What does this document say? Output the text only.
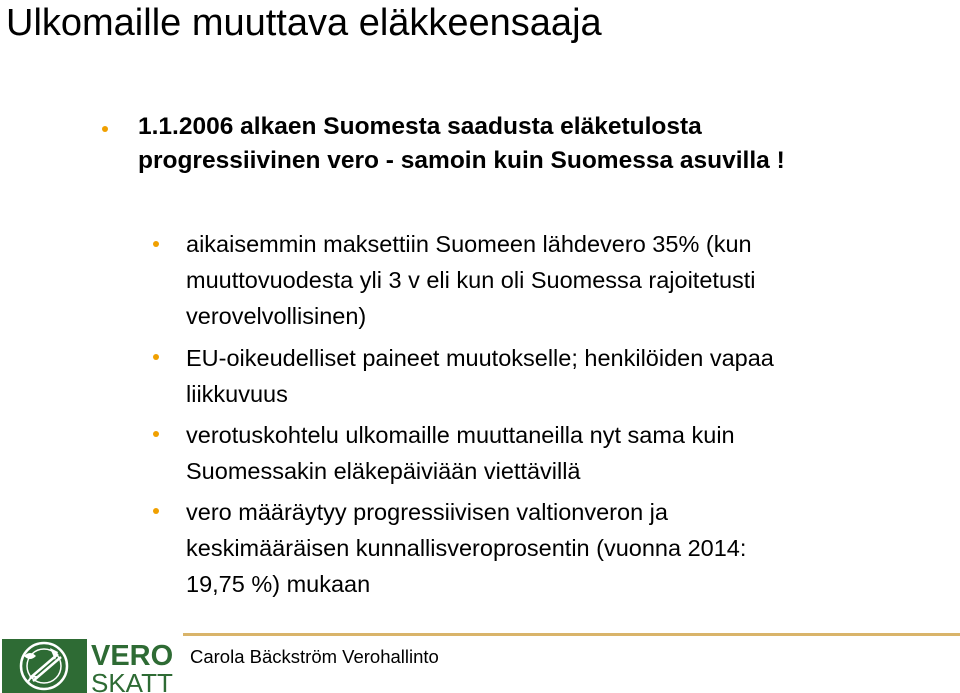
Ulkomaille muuttava eläkkeensaaja
1.1.2006 alkaen Suomesta saadusta eläketulosta
progressiivinen vero - samoin kuin Suomessa asuvilla !
aikaisemmin maksettiin Suomeen lähdevero 35% (kun
muuttovuodesta yli 3 v eli kun oli Suomessa rajoitetusti
verovelvollisinen)
EU-oikeudelliset paineet muutokselle; henkilöiden vapaa
liikkuvuus
verotuskohtelu ulkomaille muuttaneilla nyt sama kuin
Suomessakin eläkepäiviään viettävillä
vero määräytyy progressiivisen valtionveron ja
keskimääräisen kunnallisveroprosentin (vuonna 2014:
19,75 %) mukaan
Carola Bäckström Verohallinto
VERO
SKATT
